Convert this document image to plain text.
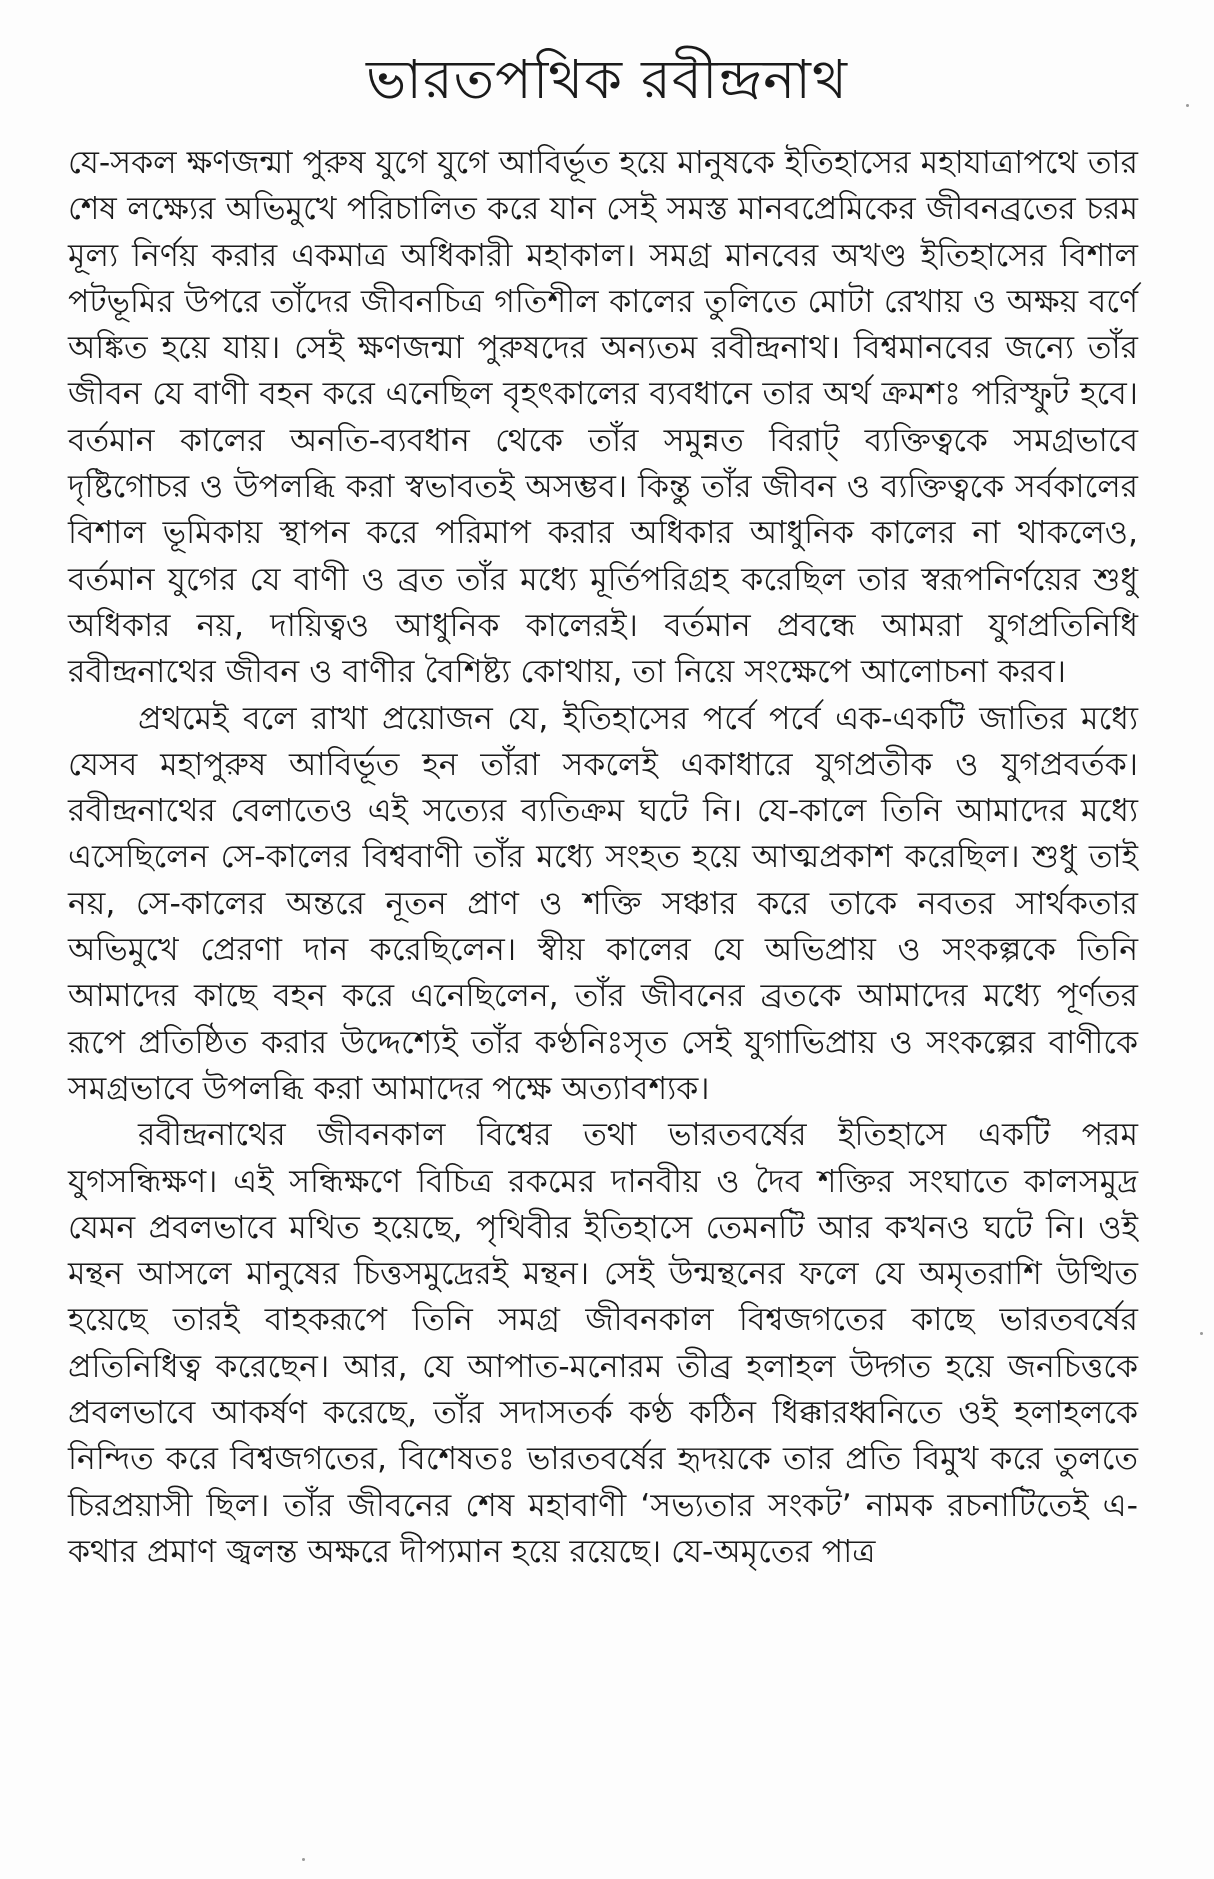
ভারতপথিক রবীন্দ্রনাথ

যে-সকল ক্ষণজন্মা পুরুষ যুগে যুগে আবির্ভূত হয়ে মানুষকে ইতিহাসের মহাযাত্রাপথে তার শেষ লক্ষ্যের অভিমুখে পরিচালিত করে যান সেই সমস্ত মানবপ্রেমিকের জীবনব্রতের চরম মূল্য নির্ণয় করার একমাত্র অধিকারী মহাকাল। সমগ্র মানবের অখণ্ড ইতিহাসের বিশাল পটভূমির উপরে তাঁদের জীবনচিত্র গতিশীল কালের তুলিতে মোটা রেখায় ও অক্ষয় বর্ণে অঙ্কিত হয়ে যায়। সেই ক্ষণজন্মা পুরুষদের অন্যতম রবীন্দ্রনাথ। বিশ্বমানবের জন্যে তাঁর জীবন যে বাণী বহন করে এনেছিল বৃহৎকালের ব্যবধানে তার অর্থ ক্রমশঃ পরিস্ফুট হবে। বর্তমান কালের অনতি-ব্যবধান থেকে তাঁর সমুন্নত বিরাট্ ব্যক্তিত্বকে সমগ্রভাবে দৃষ্টিগোচর ও উপলব্ধি করা স্বভাবতই অসম্ভব। কিন্তু তাঁর জীবন ও ব্যক্তিত্বকে সর্বকালের বিশাল ভূমিকায় স্থাপন করে পরিমাপ করার অধিকার আধুনিক কালের না থাকলেও, বর্তমান যুগের যে বাণী ও ব্রত তাঁর মধ্যে মূর্তিপরিগ্রহ করেছিল তার স্বরূপনির্ণয়ের শুধু অধিকার নয়, দায়িত্বও আধুনিক কালেরই। বর্তমান প্রবন্ধে আমরা যুগপ্রতিনিধি রবীন্দ্রনাথের জীবন ও বাণীর বৈশিষ্ট্য কোথায়, তা নিয়ে সংক্ষেপে আলোচনা করব।

প্রথমেই বলে রাখা প্রয়োজন যে, ইতিহাসের পর্বে পর্বে এক-একটি জাতির মধ্যে যেসব মহাপুরুষ আবির্ভূত হন তাঁরা সকলেই একাধারে যুগপ্রতীক ও যুগপ্রবর্তক। রবীন্দ্রনাথের বেলাতেও এই সত্যের ব্যতিক্রম ঘটে নি। যে-কালে তিনি আমাদের মধ্যে এসেছিলেন সে-কালের বিশ্ববাণী তাঁর মধ্যে সংহত হয়ে আত্মপ্রকাশ করেছিল। শুধু তাই নয়, সে-কালের অন্তরে নূতন প্রাণ ও শক্তি সঞ্চার করে তাকে নবতর সার্থকতার অভিমুখে প্রেরণা দান করেছিলেন। স্বীয় কালের যে অভিপ্রায় ও সংকল্পকে তিনি আমাদের কাছে বহন করে এনেছিলেন, তাঁর জীবনের ব্রতকে আমাদের মধ্যে পূর্ণতর রূপে প্রতিষ্ঠিত করার উদ্দেশ্যেই তাঁর কণ্ঠনিঃসৃত সেই যুগাভিপ্রায় ও সংকল্পের বাণীকে সমগ্রভাবে উপলব্ধি করা আমাদের পক্ষে অত্যাবশ্যক।

রবীন্দ্রনাথের জীবনকাল বিশ্বের তথা ভারতবর্ষের ইতিহাসে একটি পরম যুগসন্ধিক্ষণ। এই সন্ধিক্ষণে বিচিত্র রকমের দানবীয় ও দৈব শক্তির সংঘাতে কালসমুদ্র যেমন প্রবলভাবে মথিত হয়েছে, পৃথিবীর ইতিহাসে তেমনটি আর কখনও ঘটে নি। ওই মন্থন আসলে মানুষের চিত্তসমুদ্রেরই মন্থন। সেই উন্মন্থনের ফলে যে অমৃতরাশি উত্থিত হয়েছে তারই বাহকরূপে তিনি সমগ্র জীবনকাল বিশ্বজগতের কাছে ভারতবর্ষের প্রতিনিধিত্ব করেছেন। আর, যে আপাত-মনোরম তীব্র হলাহল উদ্গত হয়ে জনচিত্তকে প্রবলভাবে আকর্ষণ করেছে, তাঁর সদাসতর্ক কণ্ঠ কঠিন ধিক্কারধ্বনিতে ওই হলাহলকে নিন্দিত করে বিশ্বজগতের, বিশেষতঃ ভারতবর্ষের হৃদয়কে তার প্রতি বিমুখ করে তুলতে চিরপ্রয়াসী ছিল। তাঁর জীবনের শেষ মহাবাণী ‘সভ্যতার সংকট’ নামক রচনাটিতেই এ-কথার প্রমাণ জ্বলন্ত অক্ষরে দীপ্যমান হয়ে রয়েছে। যে-অমৃতের পাত্র
